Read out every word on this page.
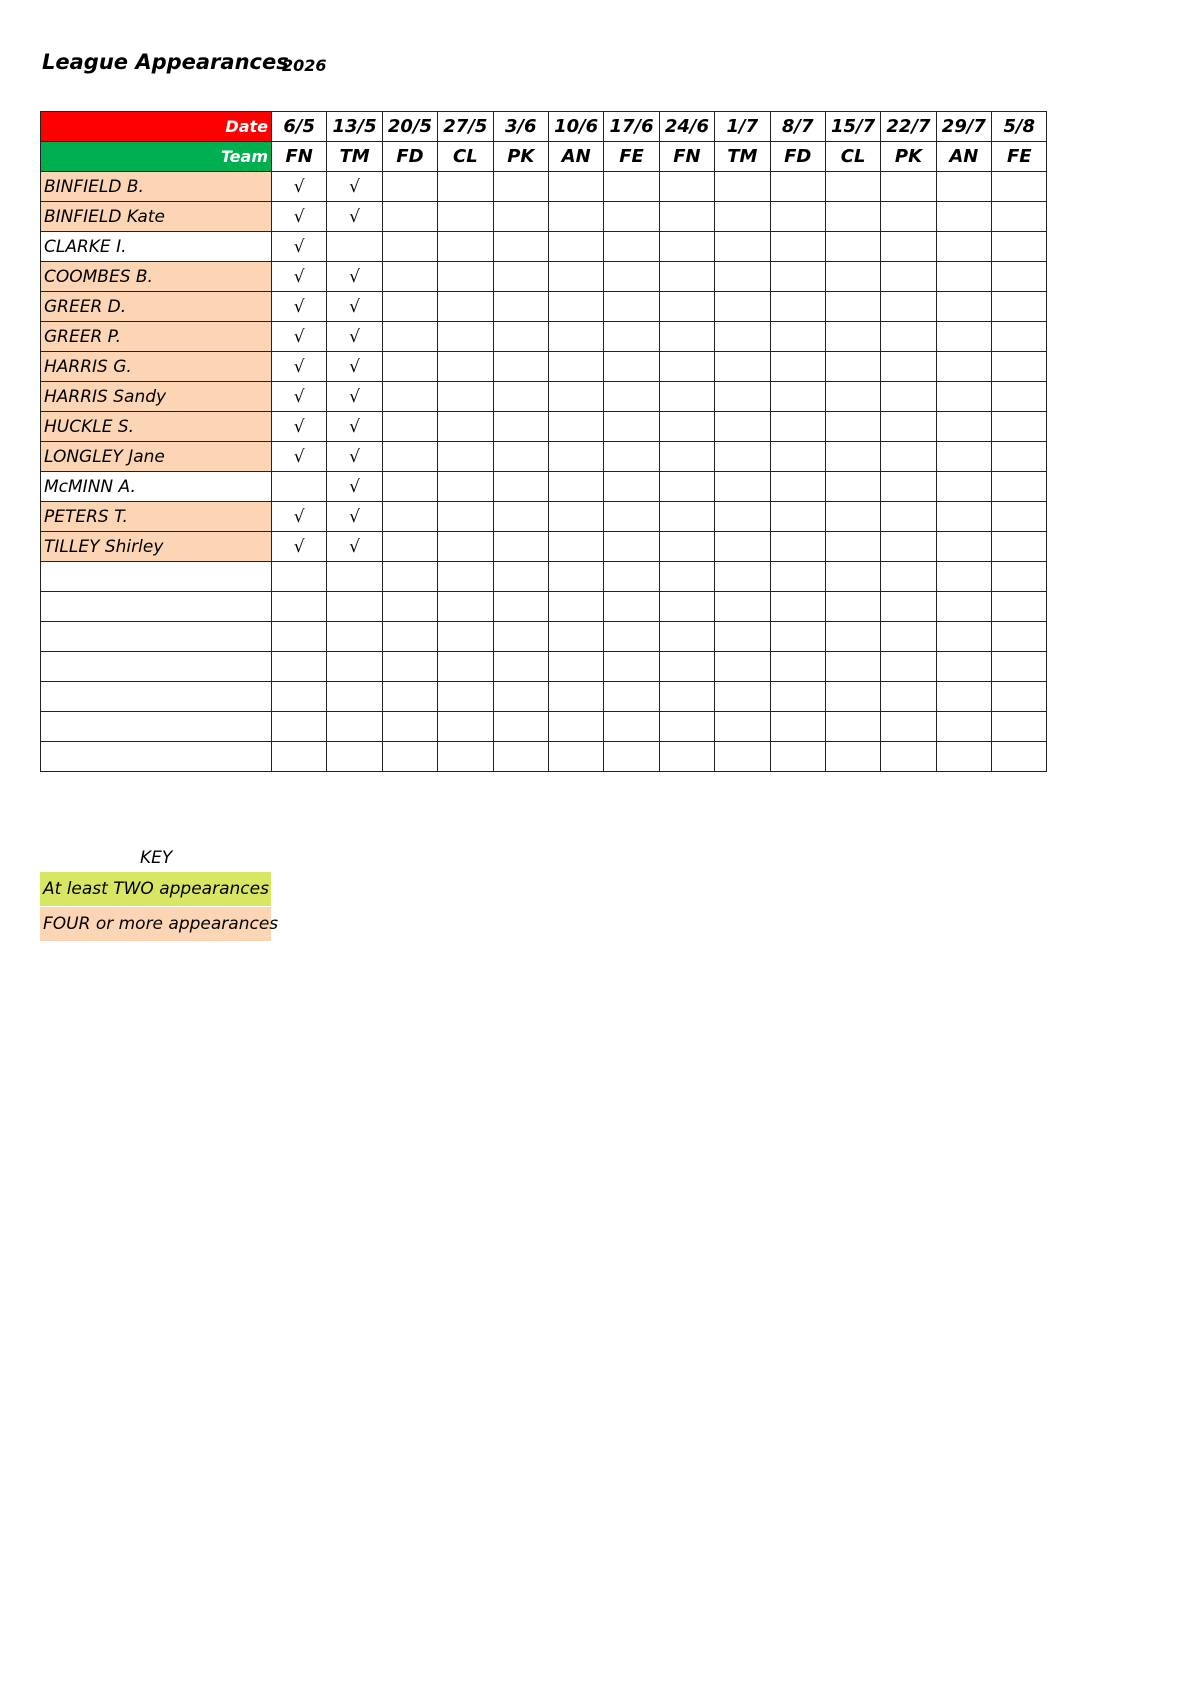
League Appearances
2026
Date	6/5	13/5	20/5	27/5	3/6	10/6	17/6	24/6	1/7	8/7	15/7	22/7	29/7	5/8
Team	FN	TM	FD	CL	PK	AN	FE	FN	TM	FD	CL	PK	AN	FE
BINFIELD B.	√	√												
BINFIELD Kate	√	√												
CLARKE I.	√													
COOMBES B.	√	√												
GREER D.	√	√												
GREER P.	√	√												
HARRIS G.	√	√												
HARRIS Sandy	√	√												
HUCKLE S.	√	√												
LONGLEY Jane	√	√												
McMINN A.		√												
PETERS T.	√	√												
TILLEY Shirley	√	√												

KEY
At least TWO appearances
FOUR or more appearances
